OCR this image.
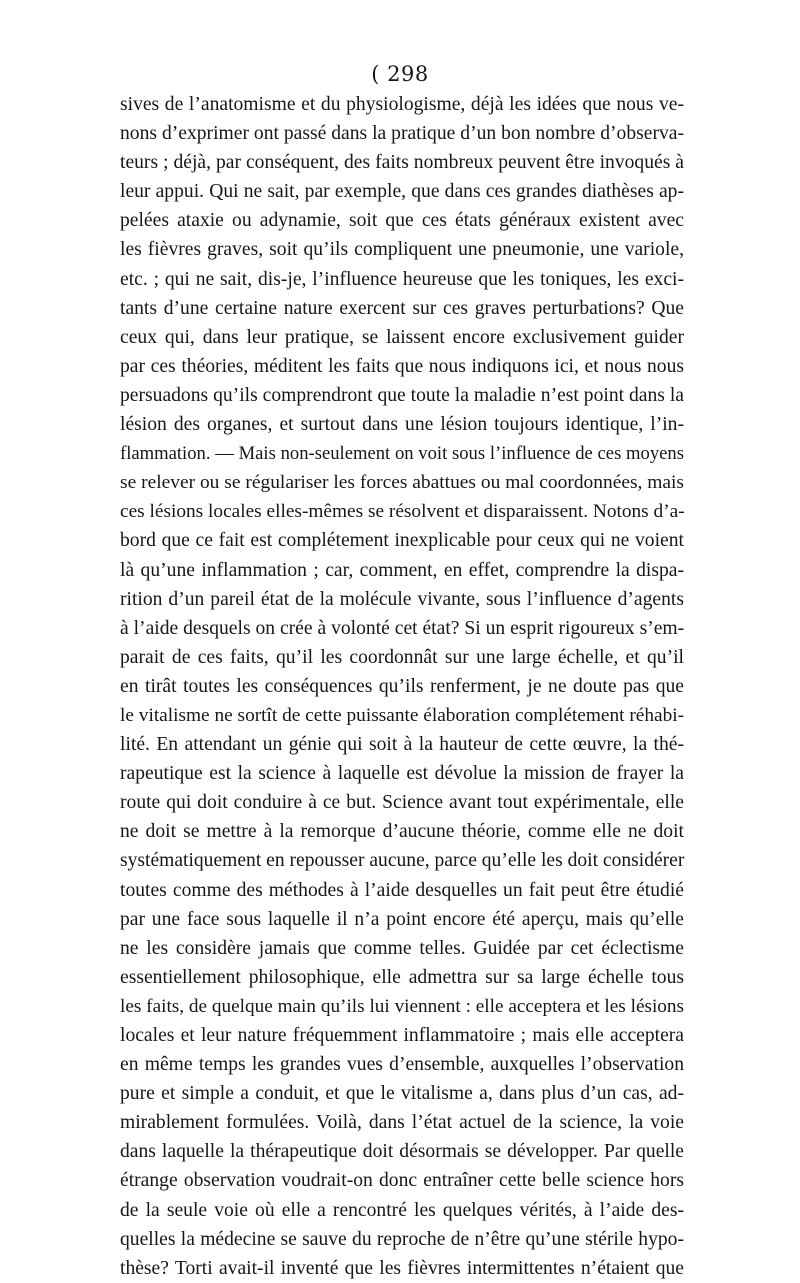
( 298
sives de l’anatomisme et du physiologisme, déjà les idées que nous ve-
nons d’exprimer ont passé dans la pratique d’un bon nombre d’observa-
teurs ; déjà, par conséquent, des faits nombreux peuvent être invoqués à
leur appui. Qui ne sait, par exemple, que dans ces grandes diathèses ap-
pelées ataxie ou adynamie, soit que ces états généraux existent avec
les fièvres graves, soit qu’ils compliquent une pneumonie, une variole,
etc. ; qui ne sait, dis-je, l’influence heureuse que les toniques, les exci-
tants d’une certaine nature exercent sur ces graves perturbations? Que
ceux qui, dans leur pratique, se laissent encore exclusivement guider
par ces théories, méditent les faits que nous indiquons ici, et nous nous
persuadons qu’ils comprendront que toute la maladie n’est point dans la
lésion des organes, et surtout dans une lésion toujours identique, l’in-
flammation. — Mais non-seulement on voit sous l’influence de ces moyens
se relever ou se régulariser les forces abattues ou mal coordonnées, mais
ces lésions locales elles-mêmes se résolvent et disparaissent. Notons d’a-
bord que ce fait est complétement inexplicable pour ceux qui ne voient
là qu’une inflammation ; car, comment, en effet, comprendre la dispa-
rition d’un pareil état de la molécule vivante, sous l’influence d’agents
à l’aide desquels on crée à volonté cet état? Si un esprit rigoureux s’em-
parait de ces faits, qu’il les coordonnât sur une large échelle, et qu’il
en tirât toutes les conséquences qu’ils renferment, je ne doute pas que
le vitalisme ne sortît de cette puissante élaboration complétement réhabi-
lité. En attendant un génie qui soit à la hauteur de cette œuvre, la thé-
rapeutique est la science à laquelle est dévolue la mission de frayer la
route qui doit conduire à ce but. Science avant tout expérimentale, elle
ne doit se mettre à la remorque d’aucune théorie, comme elle ne doit
systématiquement en repousser aucune, parce qu’elle les doit considérer
toutes comme des méthodes à l’aide desquelles un fait peut être étudié
par une face sous laquelle il n’a point encore été aperçu, mais qu’elle
ne les considère jamais que comme telles. Guidée par cet éclectisme
essentiellement philosophique, elle admettra sur sa large échelle tous
les faits, de quelque main qu’ils lui viennent : elle acceptera et les lésions
locales et leur nature fréquemment inflammatoire ; mais elle acceptera
en même temps les grandes vues d’ensemble, auxquelles l’observation
pure et simple a conduit, et que le vitalisme a, dans plus d’un cas, ad-
mirablement formulées. Voilà, dans l’état actuel de la science, la voie
dans laquelle la thérapeutique doit désormais se développer. Par quelle
étrange observation voudrait-on donc entraîner cette belle science hors
de la seule voie où elle a rencontré les quelques vérités, à l’aide des-
quelles la médecine se sauve du reproche de n’être qu’une stérile hypo-
thèse? Torti avait-il inventé que les fièvres intermittentes n’étaient que
